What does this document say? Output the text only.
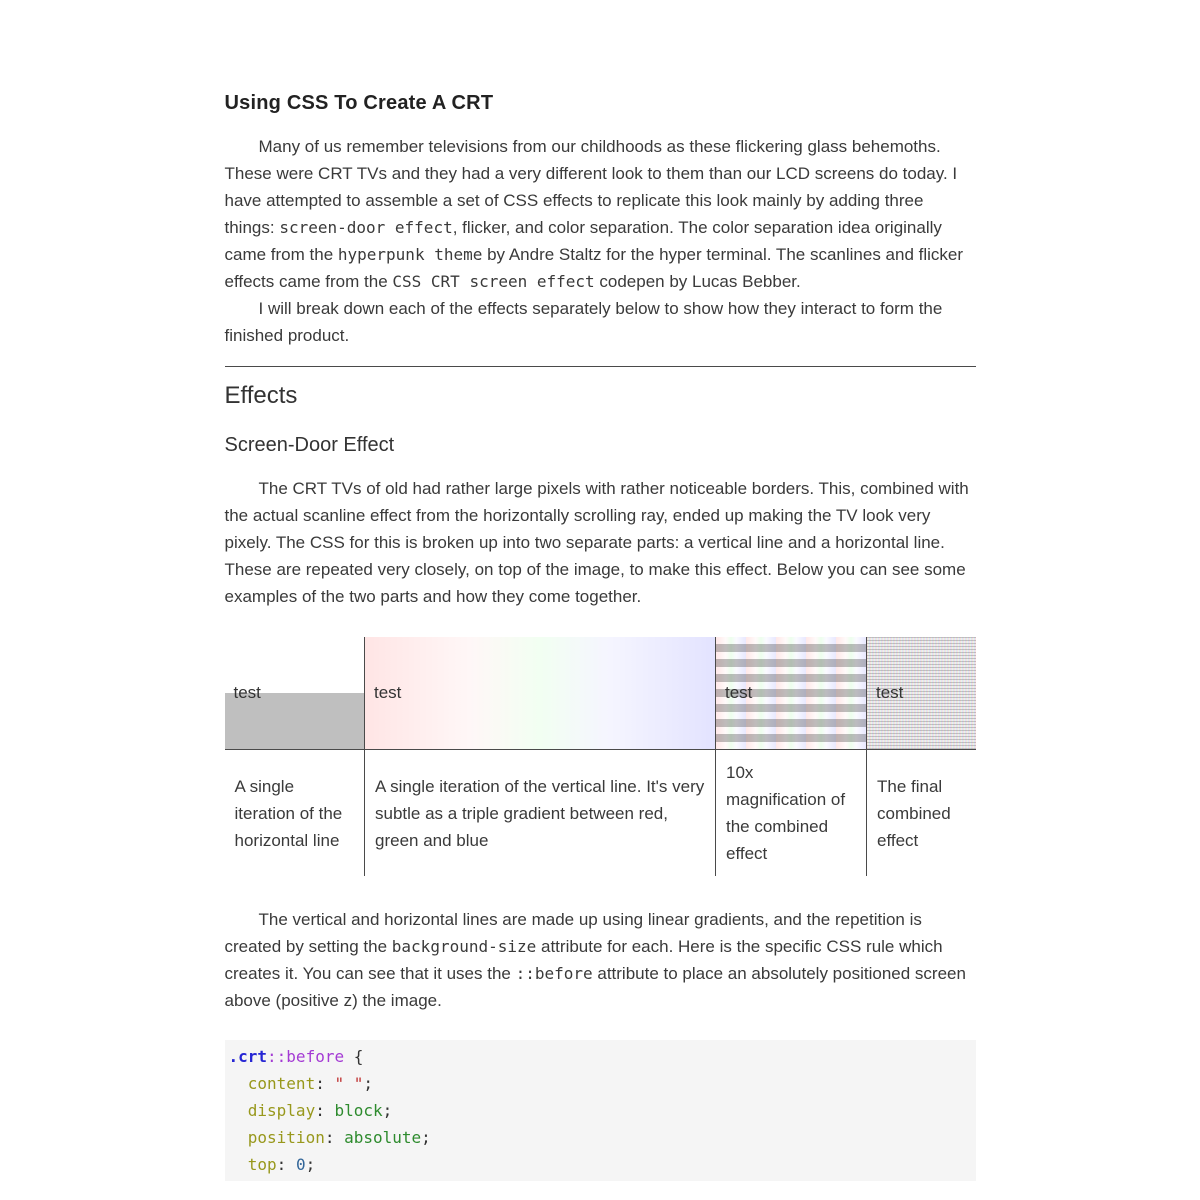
Using CSS To Create A CRT

Many of us remember televisions from our childhoods as these flickering glass behemoths. These were CRT TVs and they had a very different look to them than our LCD screens do today. I have attempted to assemble a set of CSS effects to replicate this look mainly by adding three things: screen-door effect, flicker, and color separation. The color separation idea originally came from the hyperpunk theme by Andre Staltz for the hyper terminal. The scanlines and flicker effects came from the CSS CRT screen effect codepen by Lucas Bebber.

I will break down each of the effects separately below to show how they interact to form the finished product.

Effects
Screen-Door Effect

The CRT TVs of old had rather large pixels with rather noticeable borders. This, combined with the actual scanline effect from the horizontally scrolling ray, ended up making the TV look very pixely. The CSS for this is broken up into two separate parts: a vertical line and a horizontal line. These are repeated very closely, on top of the image, to make this effect. Below you can see some examples of the two parts and how they come together.

test	test	test	test

A single iteration of the horizontal line	A single iteration of the vertical line. It's very subtle as a triple gradient between red, green and blue	10x magnification of the combined effect	The final combined effect

The vertical and horizontal lines are made up using linear gradients, and the repetition is created by setting the background-size attribute for each. Here is the specific CSS rule which creates it. You can see that it uses the ::before attribute to place an absolutely positioned screen above (positive z) the image.

.crt::before {
content: " ";
display: block;
position: absolute;
top: 0;
